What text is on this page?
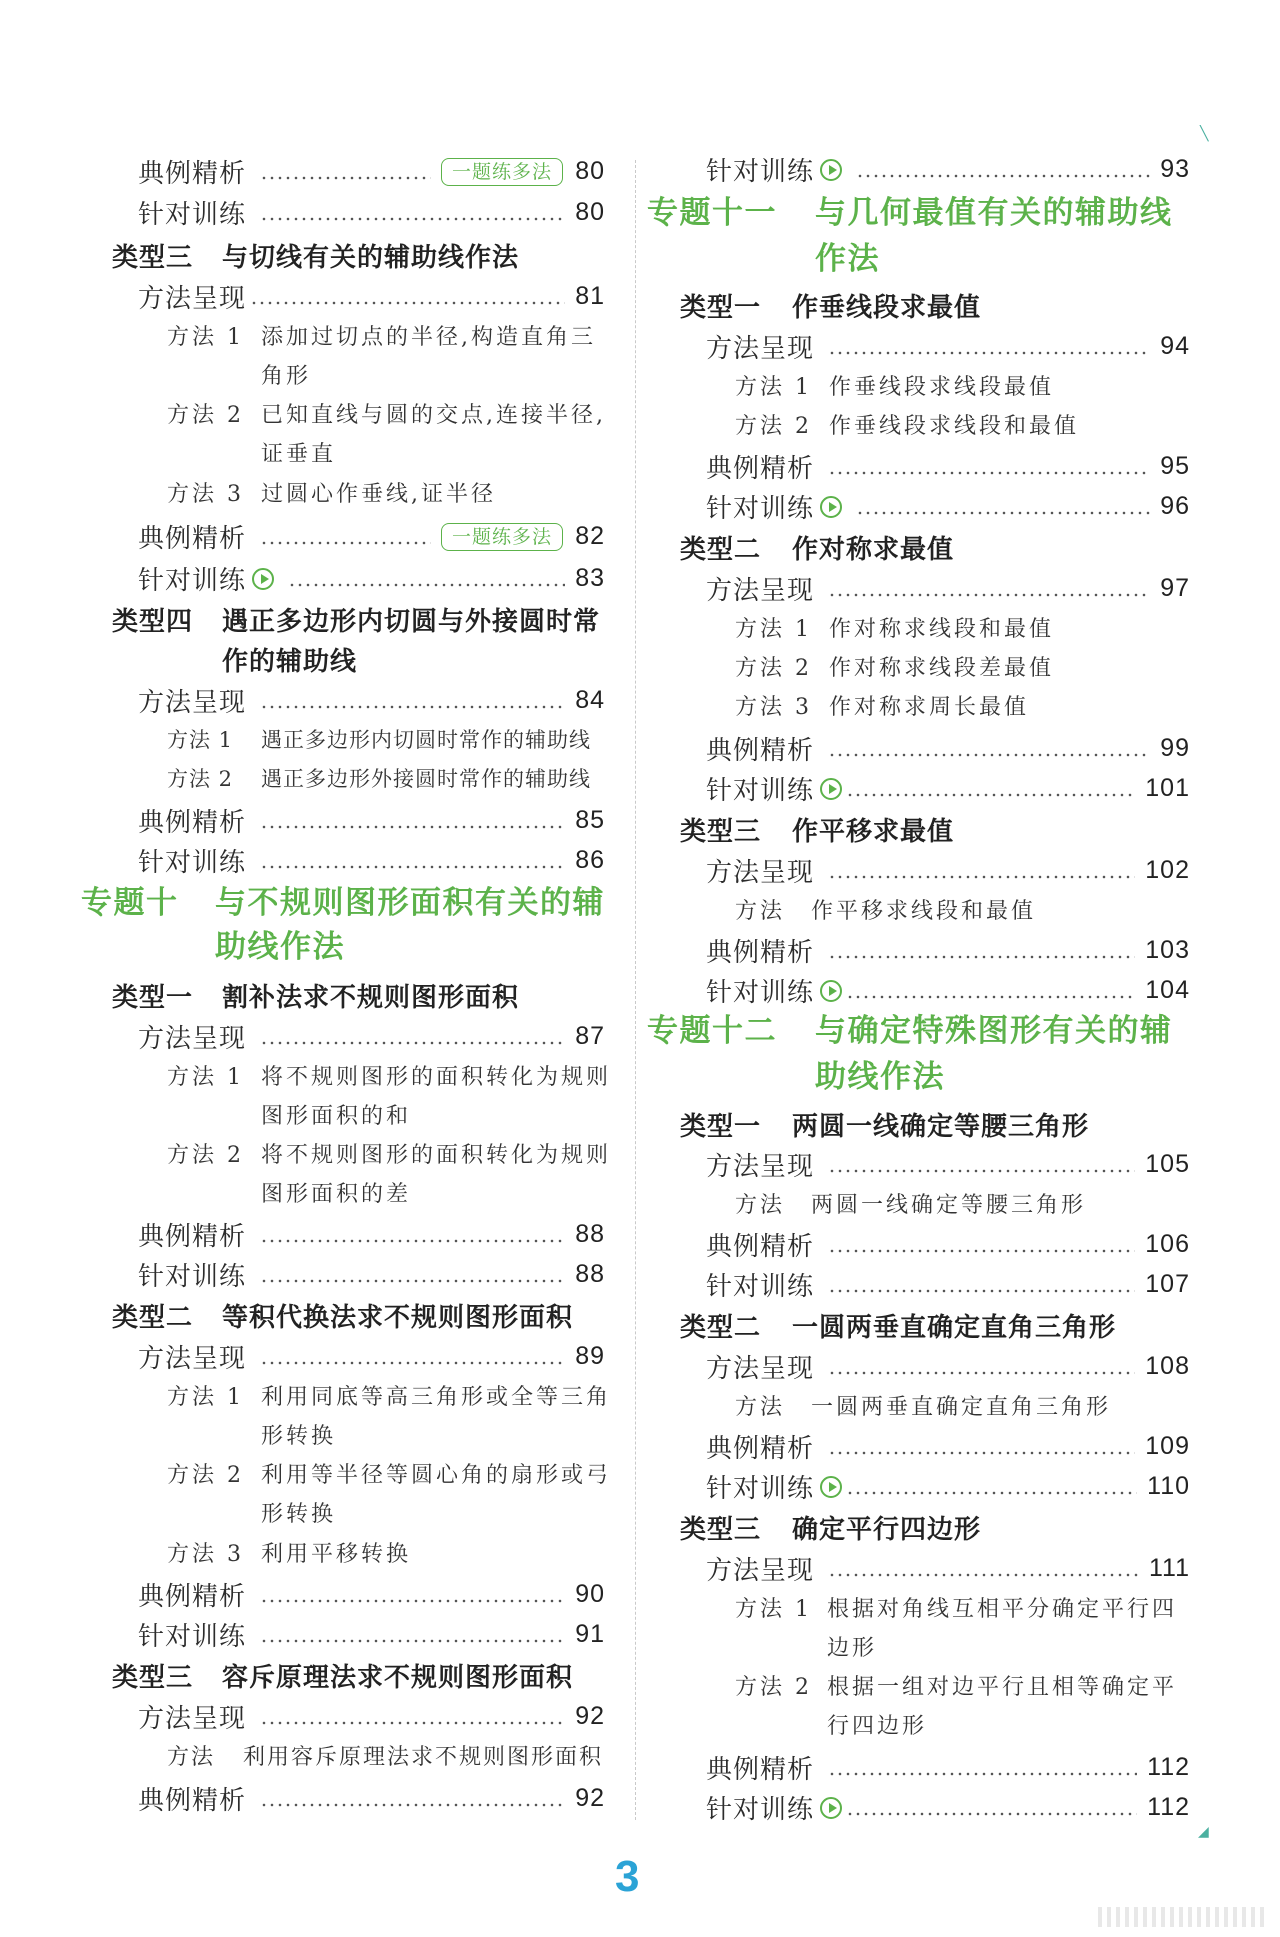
典例精析	一题练多法 80
针对训练	80
类型三	与切线有关的辅助线作法
方法呈现	81
方法 1 添加过切点的半径,构造直角三
角形
方法 2 已知直线与圆的交点,连接半径,
证垂直
方法 3 过圆心作垂线,证半径
典例精析	一题练多法 82
针对训练	83
类型四	遇正多边形内切圆与外接圆时常
作的辅助线
方法呈现	84
方法 1	遇正多边形内切圆时常作的辅助线
方法 2	遇正多边形外接圆时常作的辅助线
典例精析	85
针对训练	86
专题十	与不规则图形面积有关的辅
助线作法
类型一	割补法求不规则图形面积
方法呈现	87
方法 1 将不规则图形的面积转化为规则
图形面积的和
方法 2 将不规则图形的面积转化为规则
图形面积的差
典例精析	88
针对训练	88
类型二	等积代换法求不规则图形面积
方法呈现	89
方法 1 利用同底等高三角形或全等三角
形转换
方法 2 利用等半径等圆心角的扇形或弓
形转换
方法 3 利用平移转换
典例精析	90
针对训练	91
类型三	容斥原理法求不规则图形面积
方法呈现	92
方法	利用容斥原理法求不规则图形面积
典例精析	92
针对训练	93
专题十一	与几何最值有关的辅助线
作法
类型一	作垂线段求最值
方法呈现	94
方法 1 作垂线段求线段最值
方法 2 作垂线段求线段和最值
典例精析	95
针对训练	96
类型二	作对称求最值
方法呈现	97
方法 1 作对称求线段和最值
方法 2 作对称求线段差最值
方法 3 作对称求周长最值
典例精析	99
针对训练	101
类型三	作平移求最值
方法呈现	102
方法	作平移求线段和最值
典例精析	103
针对训练	104
专题十二	与确定特殊图形有关的辅
助线作法
类型一	两圆一线确定等腰三角形
方法呈现	105
方法	两圆一线确定等腰三角形
典例精析	106
针对训练	107
类型二	一圆两垂直确定直角三角形
方法呈现	108
方法	一圆两垂直确定直角三角形
典例精析	109
针对训练	110
类型三	确定平行四边形
方法呈现	111
方法 1 根据对角线互相平分确定平行四
边形
方法 2 根据一组对边平行且相等确定平
行四边形
典例精析	112
针对训练	112
╲
◢
3
